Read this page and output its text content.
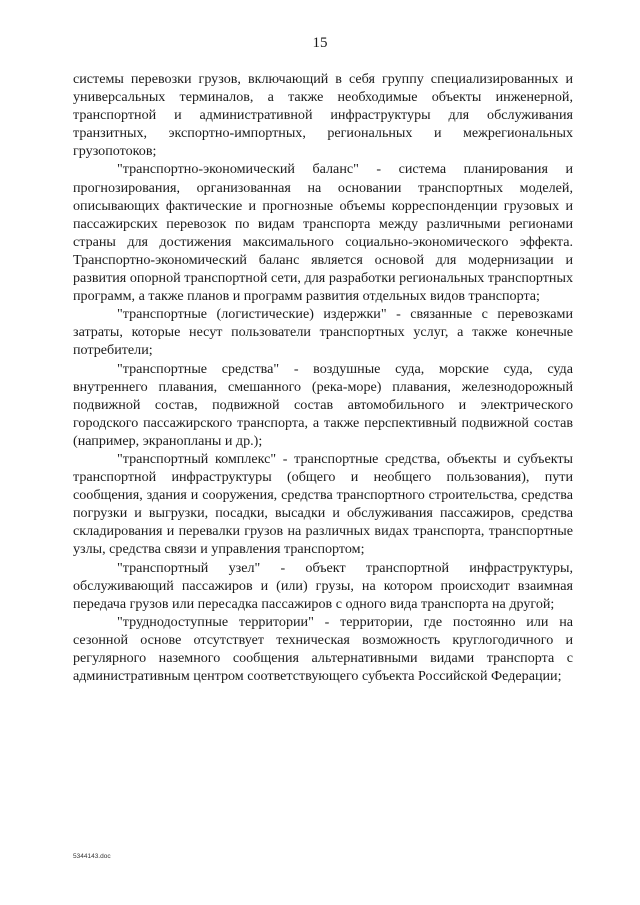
15

системы перевозки грузов, включающий в себя группу специализированных и универсальных терминалов, а также необходимые объекты инженерной, транспортной и административной инфраструктуры для обслуживания транзитных, экспортно-импортных, региональных и межрегиональных грузопотоков;

"транспортно-экономический баланс" - система планирования и прогнозирования, организованная на основании транспортных моделей, описывающих фактические и прогнозные объемы корреспонденции грузовых и пассажирских перевозок по видам транспорта между различными регионами страны для достижения максимального социально-экономического эффекта. Транспортно-экономический баланс является основой для модернизации и развития опорной транспортной сети, для разработки региональных транспортных программ, а также планов и программ развития отдельных видов транспорта;

"транспортные (логистические) издержки" - связанные с перевозками затраты, которые несут пользователи транспортных услуг, а также конечные потребители;

"транспортные средства" - воздушные суда, морские суда, суда внутреннего плавания, смешанного (река-море) плавания, железнодорожный подвижной состав, подвижной состав автомобильного и электрического городского пассажирского транспорта, а также перспективный подвижной состав (например, экранопланы и др.);

"транспортный комплекс" - транспортные средства, объекты и субъекты транспортной инфраструктуры (общего и необщего пользования), пути сообщения, здания и сооружения, средства транспортного строительства, средства погрузки и выгрузки, посадки, высадки и обслуживания пассажиров, средства складирования и перевалки грузов на различных видах транспорта, транспортные узлы, средства связи и управления транспортом;

"транспортный узел" - объект транспортной инфраструктуры, обслуживающий пассажиров и (или) грузы, на котором происходит взаимная передача грузов или пересадка пассажиров с одного вида транспорта на другой;

"труднодоступные территории" - территории, где постоянно или на сезонной основе отсутствует техническая возможность круглогодичного и регулярного наземного сообщения альтернативными видами транспорта с административным центром соответствующего субъекта Российской Федерации;

5344143.doc
